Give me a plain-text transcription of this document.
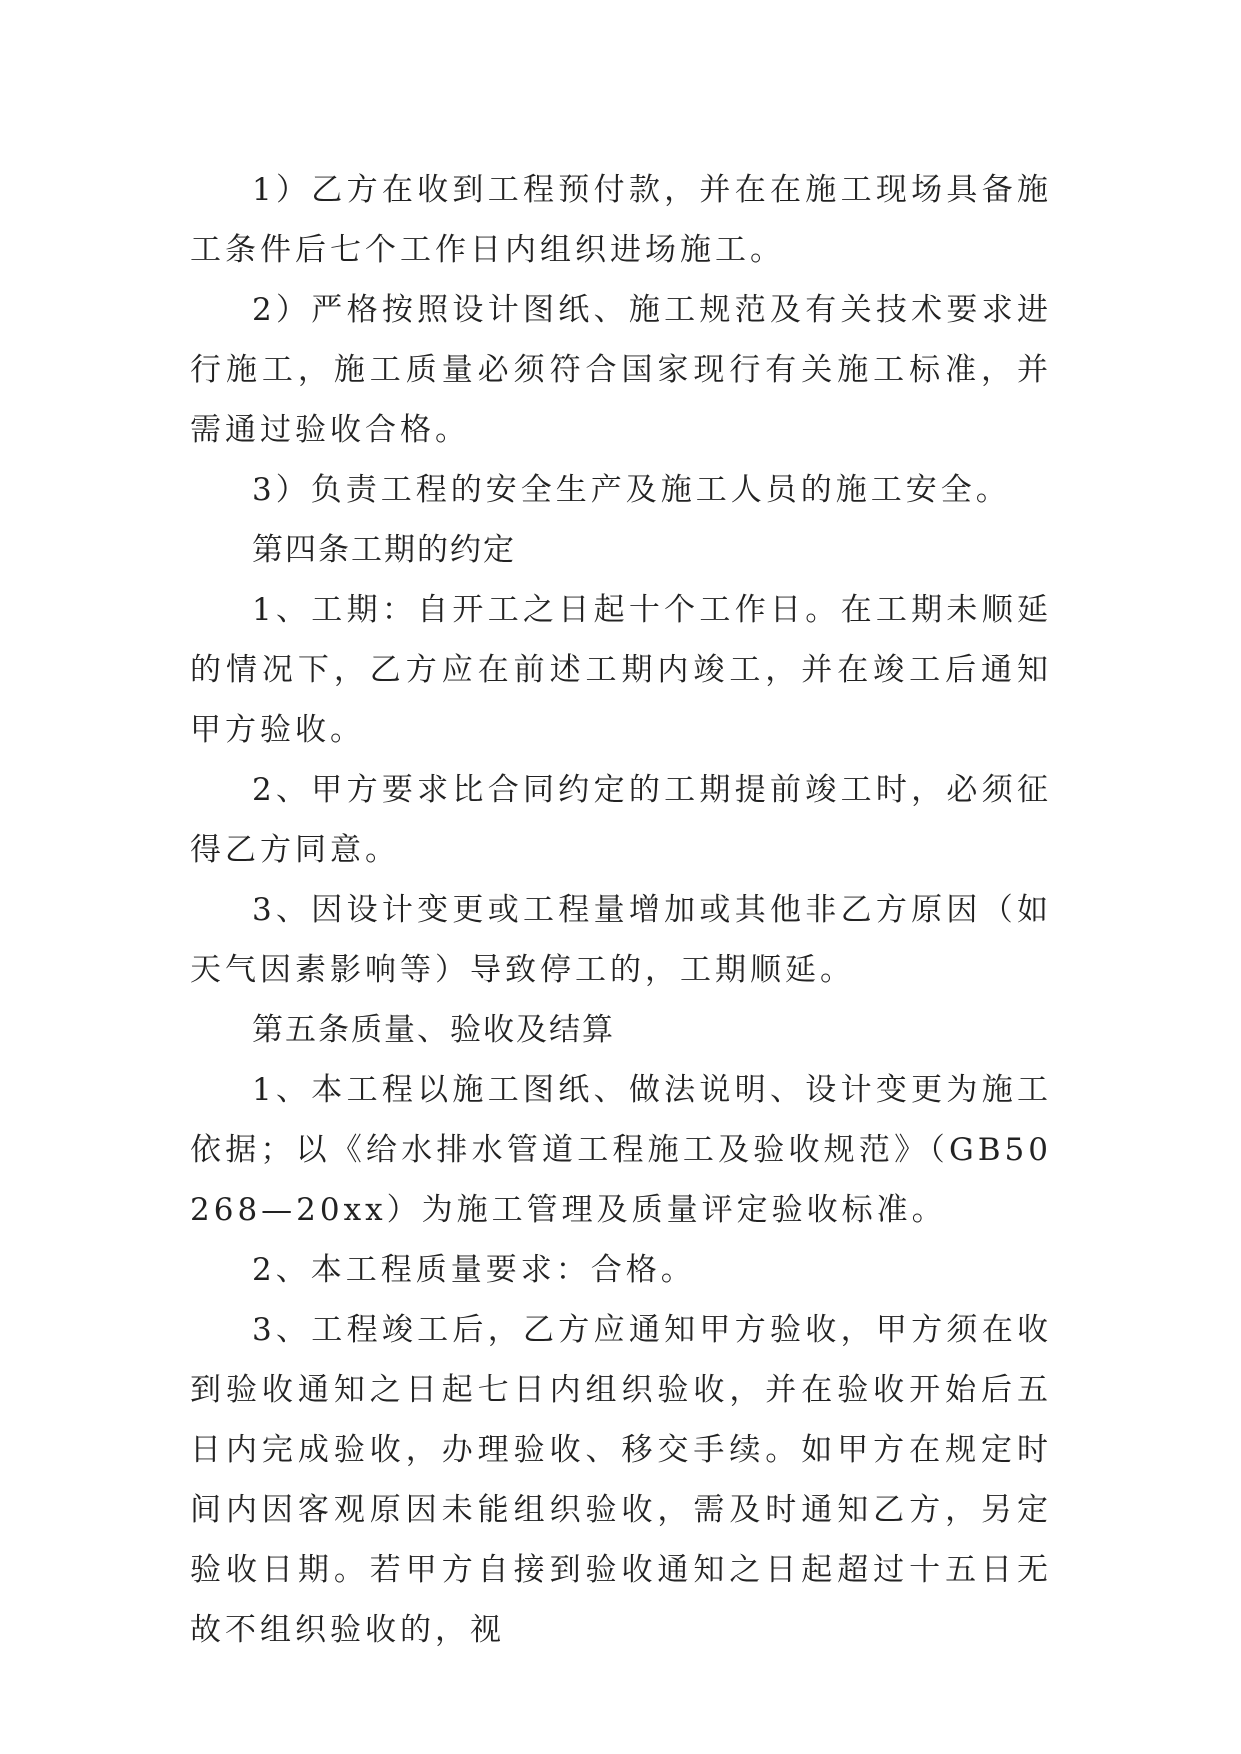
1）乙方在收到工程预付款，并在在施工现场具备施工条件后七个工作日内组织进场施工。

2）严格按照设计图纸、施工规范及有关技术要求进行施工，施工质量必须符合国家现行有关施工标准，并需通过验收合格。

3）负责工程的安全生产及施工人员的施工安全。

第四条工期的约定

1、工期：自开工之日起十个工作日。在工期未顺延的情况下，乙方应在前述工期内竣工，并在竣工后通知甲方验收。

2、甲方要求比合同约定的工期提前竣工时，必须征得乙方同意。

3、因设计变更或工程量增加或其他非乙方原因（如天气因素影响等）导致停工的，工期顺延。

第五条质量、验收及结算

1、本工程以施工图纸、做法说明、设计变更为施工依据；以《给水排水管道工程施工及验收规范》（GB50268—20xx）为施工管理及质量评定验收标准。

2、本工程质量要求：合格。

3、工程竣工后，乙方应通知甲方验收，甲方须在收到验收通知之日起七日内组织验收，并在验收开始后五日内完成验收，办理验收、移交手续。如甲方在规定时间内因客观原因未能组织验收，需及时通知乙方，另定验收日期。若甲方自接到验收通知之日起超过十五日无故不组织验收的，视
